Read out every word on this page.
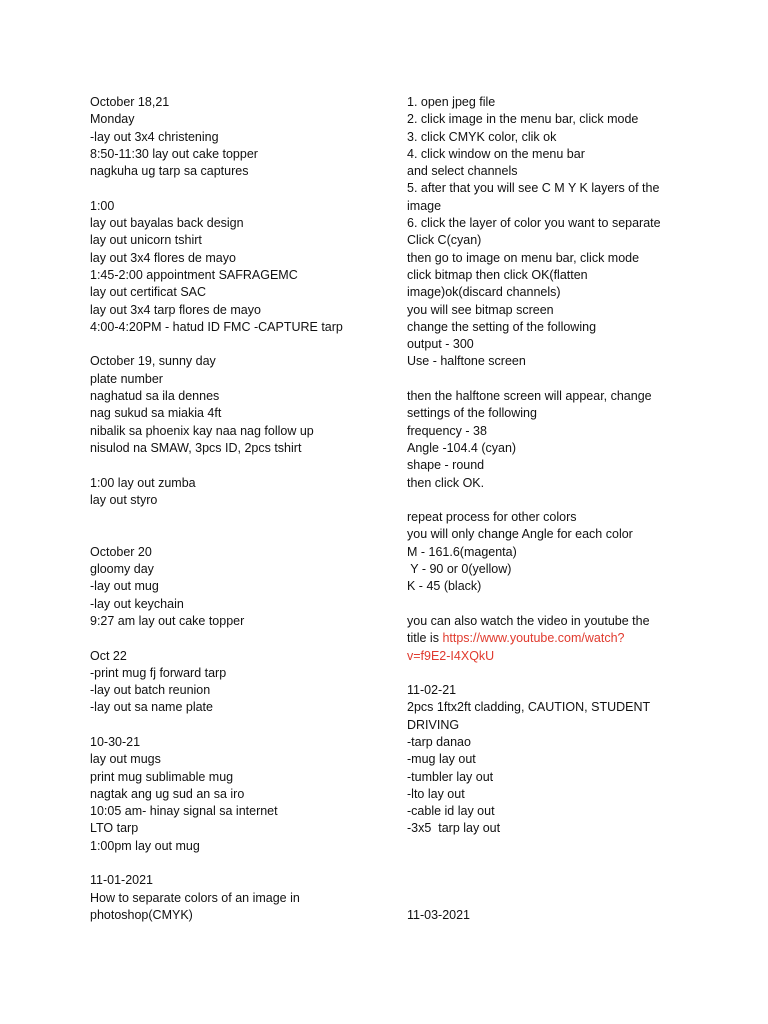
October 18,21
Monday
-lay out 3x4 christening
8:50-11:30 lay out cake topper
nagkuha ug tarp sa captures
1:00
lay out bayalas back design
lay out unicorn tshirt
lay out 3x4 flores de mayo
1:45-2:00 appointment SAFRAGEMC
lay out certificat SAC
lay out 3x4 tarp flores de mayo
4:00-4:20PM - hatud ID FMC -CAPTURE tarp
October 19, sunny day
plate number
naghatud sa ila dennes
nag sukud sa miakia 4ft
nibalik sa phoenix kay naa nag follow up
nisulod na SMAW, 3pcs ID, 2pcs tshirt
1:00 lay out zumba
lay out styro
October 20
gloomy day
-lay out mug
-lay out keychain
9:27 am lay out cake topper
Oct 22
-print mug fj forward tarp
-lay out batch reunion
-lay out sa name plate
10-30-21
lay out mugs
print mug sublimable mug
nagtak ang ug sud an sa iro
10:05 am- hinay signal sa internet
LTO tarp
1:00pm lay out mug
11-01-2021
How to separate colors of an image in
photoshop(CMYK)
1. open jpeg file
2. click image in the menu bar, click mode
3. click CMYK color, clik ok
4. click window on the menu bar
and select channels
5. after that you will see C M Y K layers of the
image
6. click the layer of color you want to separate
Click C(cyan)
then go to image on menu bar, click mode
click bitmap then click OK(flatten
image)ok(discard channels)
you will see bitmap screen
change the setting of the following
output - 300
Use - halftone screen
then the halftone screen will appear, change
settings of the following
frequency - 38
Angle -104.4 (cyan)
shape - round
then click OK.
repeat process for other colors
you will only change Angle for each color
M - 161.6(magenta)
Y - 90 or 0(yellow)
K - 45 (black)
you can also watch the video in youtube the
title is https://www.youtube.com/watch?
v=f9E2-I4XQkU
11-02-21
2pcs 1ftx2ft cladding, CAUTION, STUDENT
DRIVING
-tarp danao
-mug lay out
-tumbler lay out
-lto lay out
-cable id lay out
-3x5  tarp lay out
11-03-2021
